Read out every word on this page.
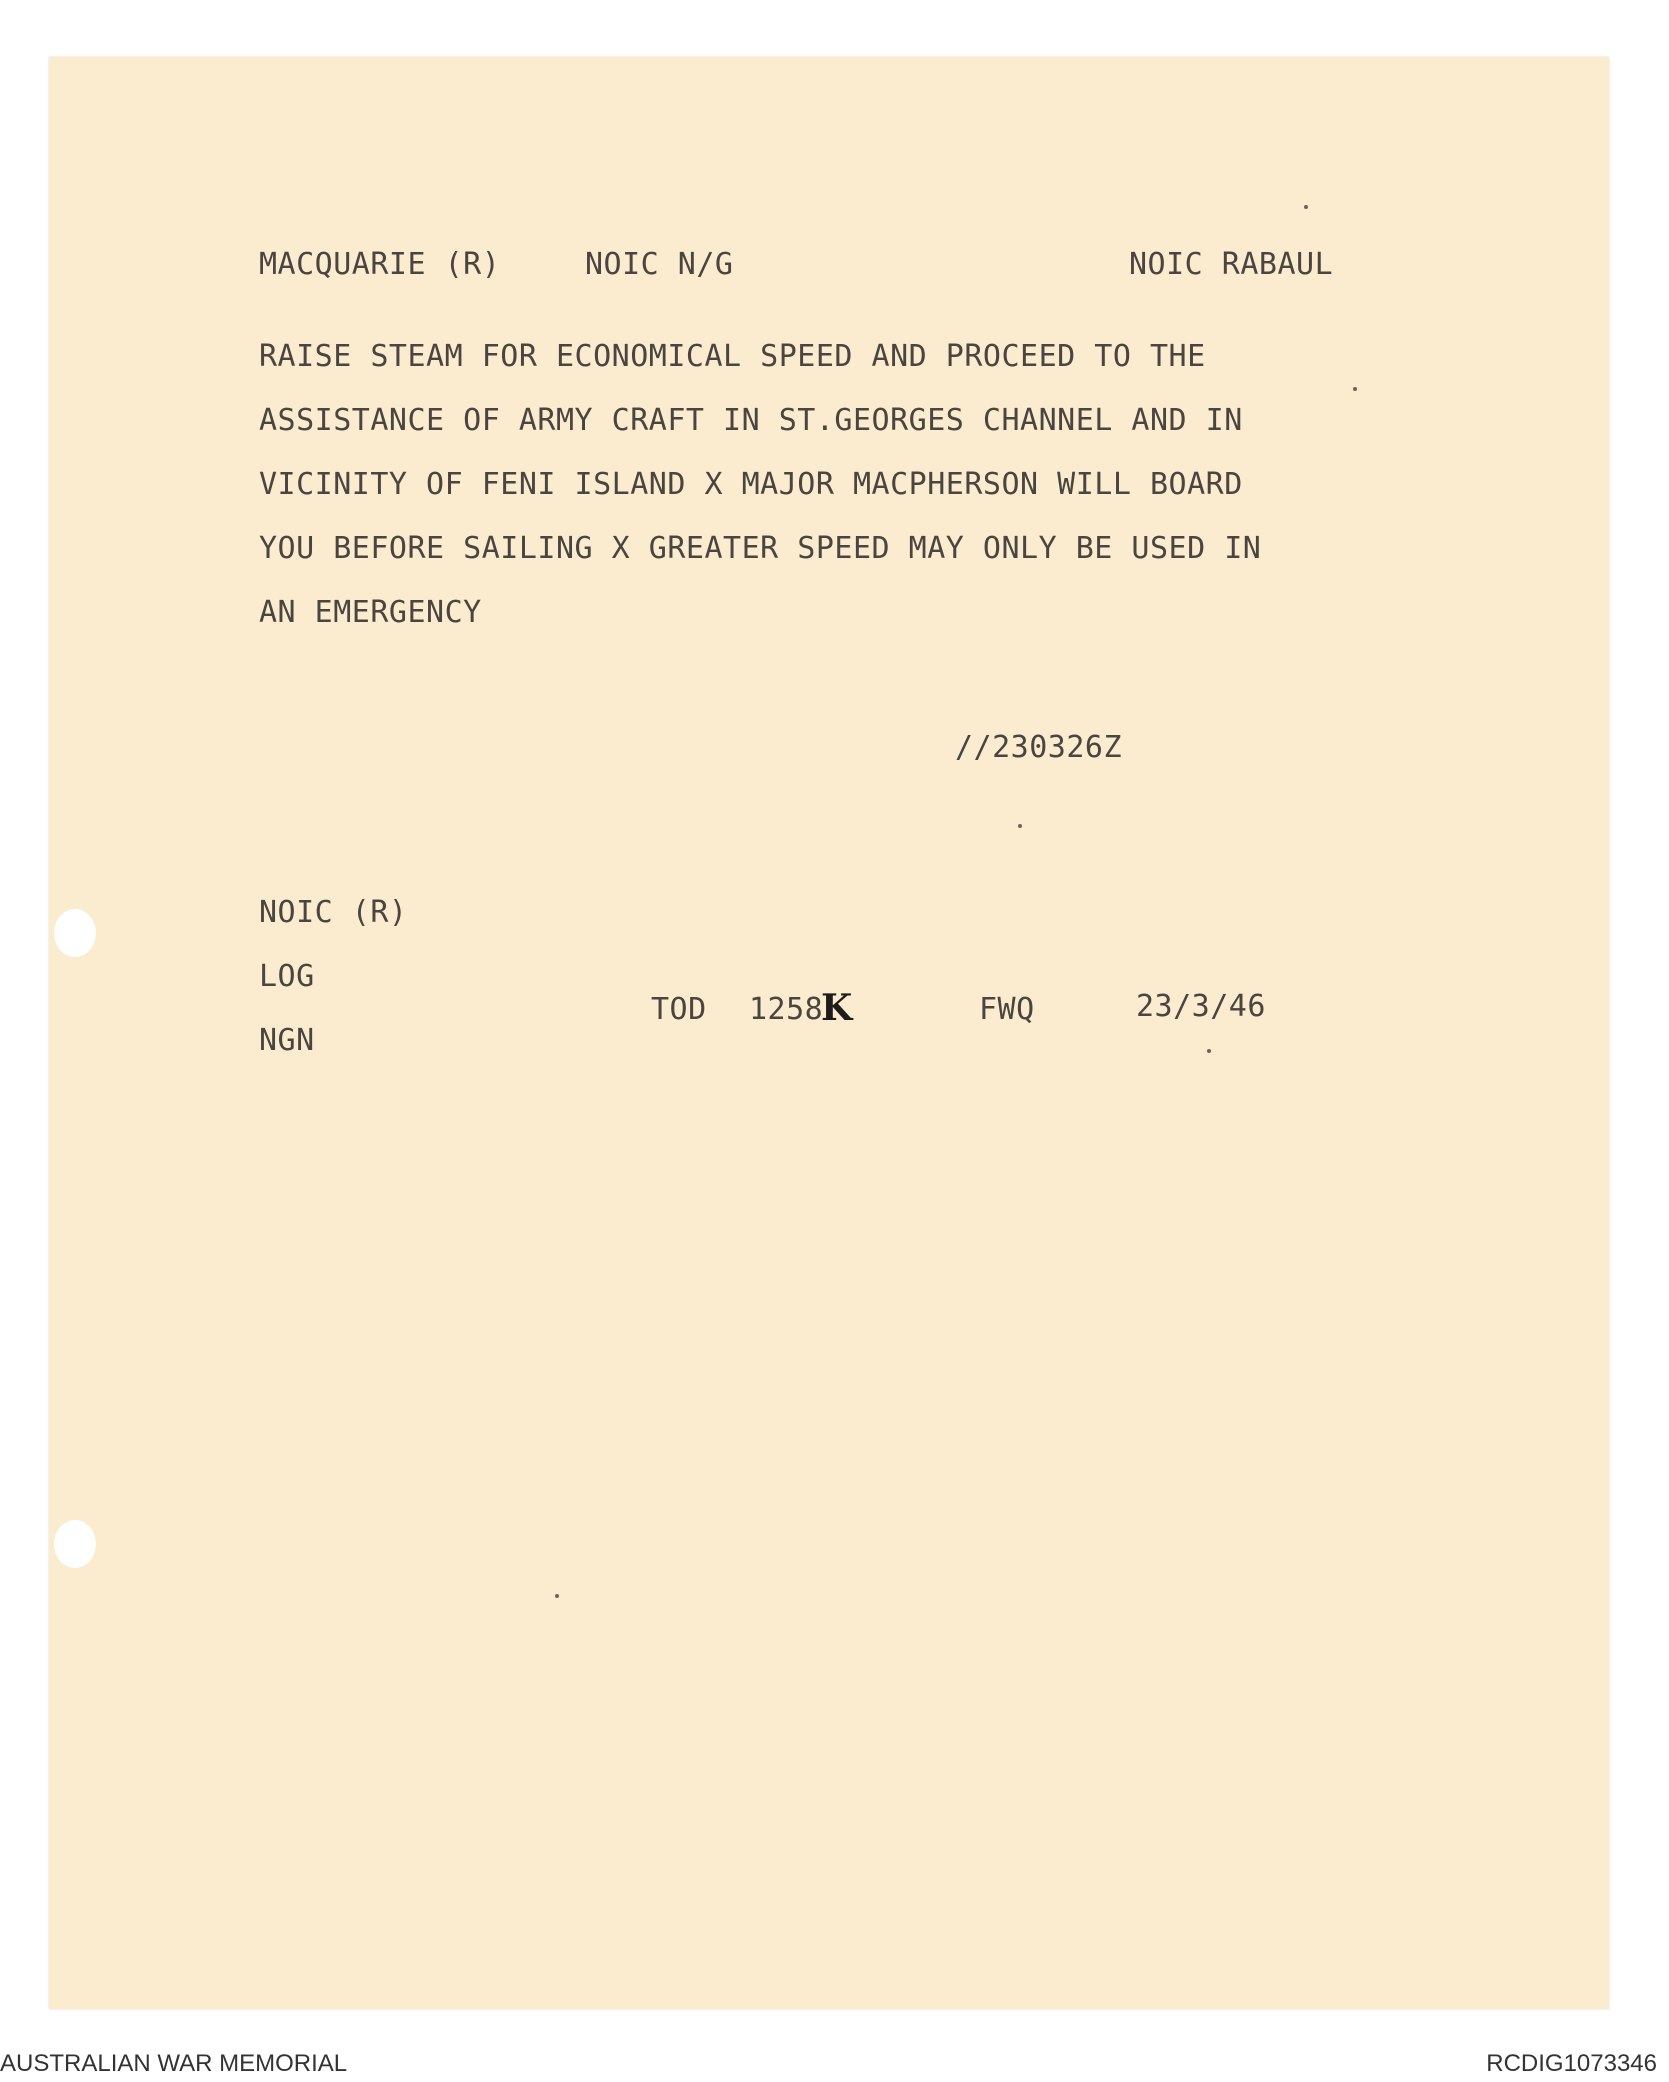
MACQUARIE (R)	NOIC N/G	NOIC RABAUL
RAISE STEAM FOR ECONOMICAL SPEED AND PROCEED TO THE
ASSISTANCE OF ARMY CRAFT IN ST.GEORGES CHANNEL AND IN
VICINITY OF FENI ISLAND X MAJOR MACPHERSON WILL BOARD
YOU BEFORE SAILING X GREATER SPEED MAY ONLY BE USED IN
AN EMERGENCY
//230326Z
NOIC (R)
LOG
NGN
TOD 1258
K	FWQ	23/3/46
AUSTRALIAN WAR MEMORIAL	RCDIG1073346
